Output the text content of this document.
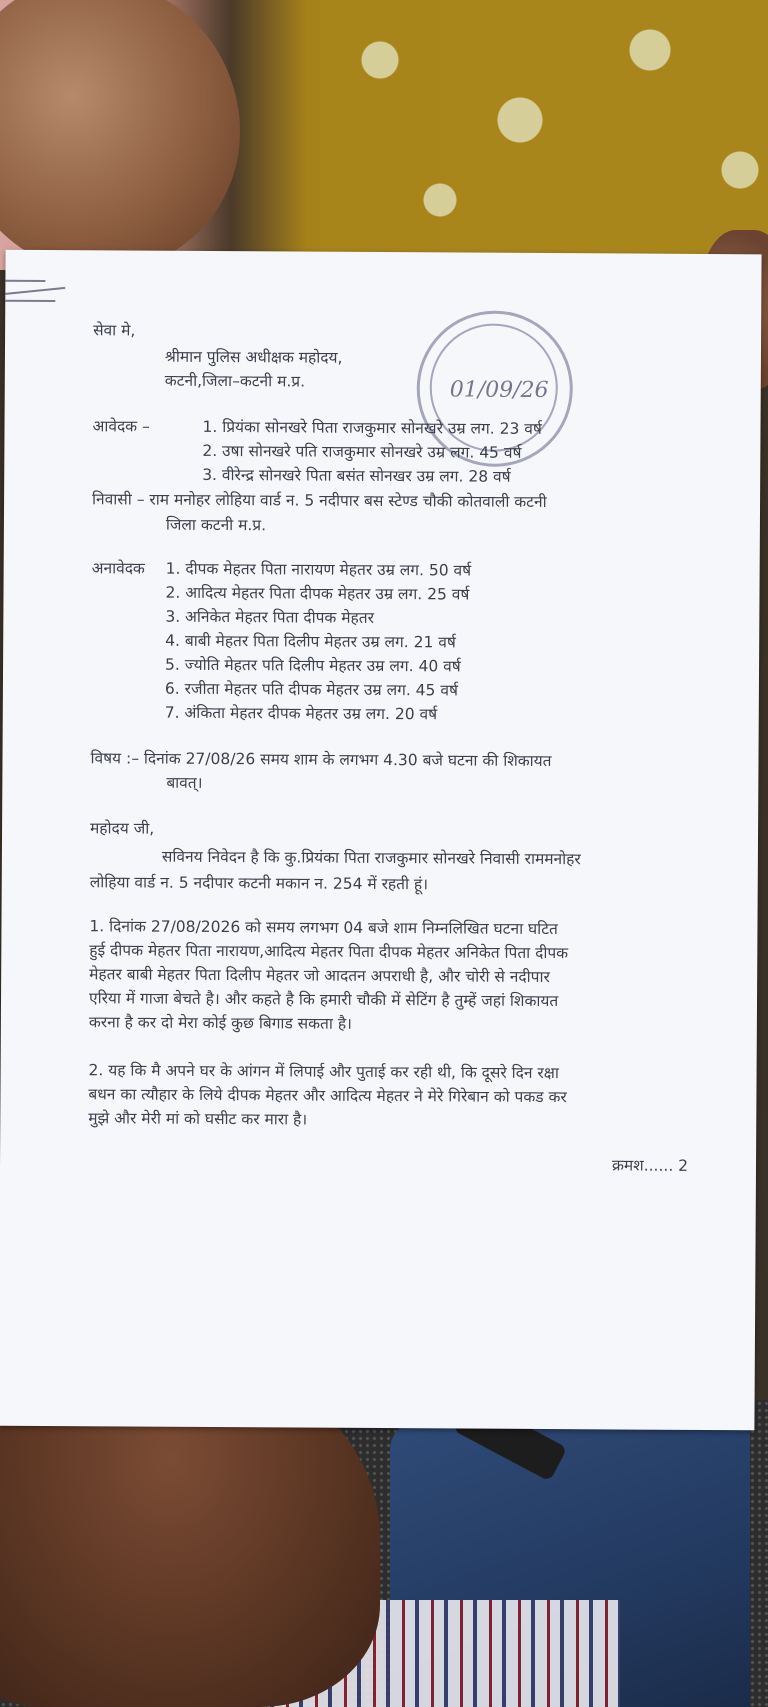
01/09/26
सेवा मे,
श्रीमान पुलिस अधीक्षक महोदय,
कटनी,जिला–कटनी म.प्र.
आवेदक –	1. प्रियंका सोनखरे पिता राजकुमार सोनखरे उम्र लग. 23 वर्ष
2. उषा सोनखरे पति राजकुमार सोनखरे उम्र लग. 45 वर्ष
3. वीरेन्द्र सोनखरे पिता बसंत सोनखर उम्र लग. 28 वर्ष
निवासी – राम मनोहर लोहिया वार्ड न. 5 नदीपार बस स्टेण्ड चौकी कोतवाली कटनी
जिला कटनी म.प्र.
अनावेदक 1. दीपक मेहतर पिता नारायण मेहतर उम्र लग. 50 वर्ष
2. आदित्य मेहतर पिता दीपक मेहतर उम्र लग. 25 वर्ष
3. अनिकेत मेहतर पिता दीपक मेहतर
4. बाबी मेहतर पिता दिलीप मेहतर उम्र लग. 21 वर्ष
5. ज्योति मेहतर पति दिलीप मेहतर उम्र लग. 40 वर्ष
6. रजीता मेहतर पति दीपक मेहतर उम्र लग. 45 वर्ष
7. अंकिता मेहतर दीपक मेहतर उम्र लग. 20 वर्ष
विषय :– दिनांक 27/08/26 समय शाम के लगभग 4.30 बजे घटना की शिकायत
बावत्।
महोदय जी,
सविनय निवेदन है कि कु.प्रियंका पिता राजकुमार सोनखरे निवासी राममनोहर
लोहिया वार्ड न. 5 नदीपार कटनी मकान न. 254 में रहती हूं।
1. दिनांक 27/08/2026 को समय लगभग 04 बजे शाम निम्नलिखित घटना घटित
हुई दीपक मेहतर पिता नारायण,आदित्य मेहतर पिता दीपक मेहतर अनिकेत पिता दीपक
मेहतर बाबी मेहतर पिता दिलीप मेहतर जो आदतन अपराधी है, और चोरी से नदीपार
एरिया में गाजा बेचते है। और कहते है कि हमारी चौकी में सेटिंग है तुम्हें जहां शिकायत
करना है कर दो मेरा कोई कुछ बिगाड सकता है।
2. यह कि मै अपने घर के आंगन में लिपाई और पुताई कर रही थी, कि दूसरे दिन रक्षा
बधन का त्यौहार के लिये दीपक मेहतर और आदित्य मेहतर ने मेरे गिरेबान को पकड कर
मुझे और मेरी मां को घसीट कर मारा है।
क्रमश...... 2
